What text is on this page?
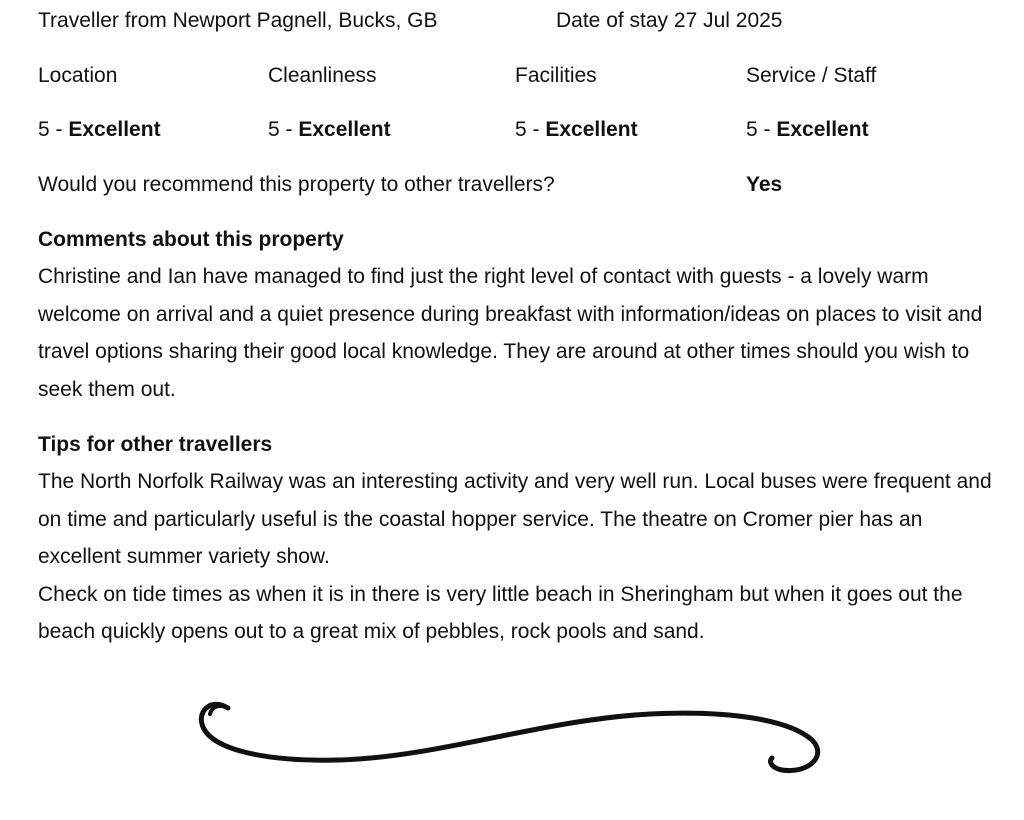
Traveller from Newport Pagnell, Bucks, GB	Date of stay 27 Jul 2025
Location	Cleanliness	Facilities	Service / Staff
5 - Excellent	5 - Excellent	5 - Excellent	5 - Excellent
Would you recommend this property to other travellers?	Yes
Comments about this property

Christine and Ian have managed to find just the right level of contact with guests - a lovely warm welcome on arrival and a quiet presence during breakfast with information/ideas on places to visit and travel options sharing their good local knowledge. They are around at other times should you wish to seek them out.

Tips for other travellers

The North Norfolk Railway was an interesting activity and very well run. Local buses were frequent and on time and particularly useful is the coastal hopper service. The theatre on Cromer pier has an excellent summer variety show.

Check on tide times as when it is in there is very little beach in Sheringham but when it goes out the beach quickly opens out to a great mix of pebbles, rock pools and sand.
